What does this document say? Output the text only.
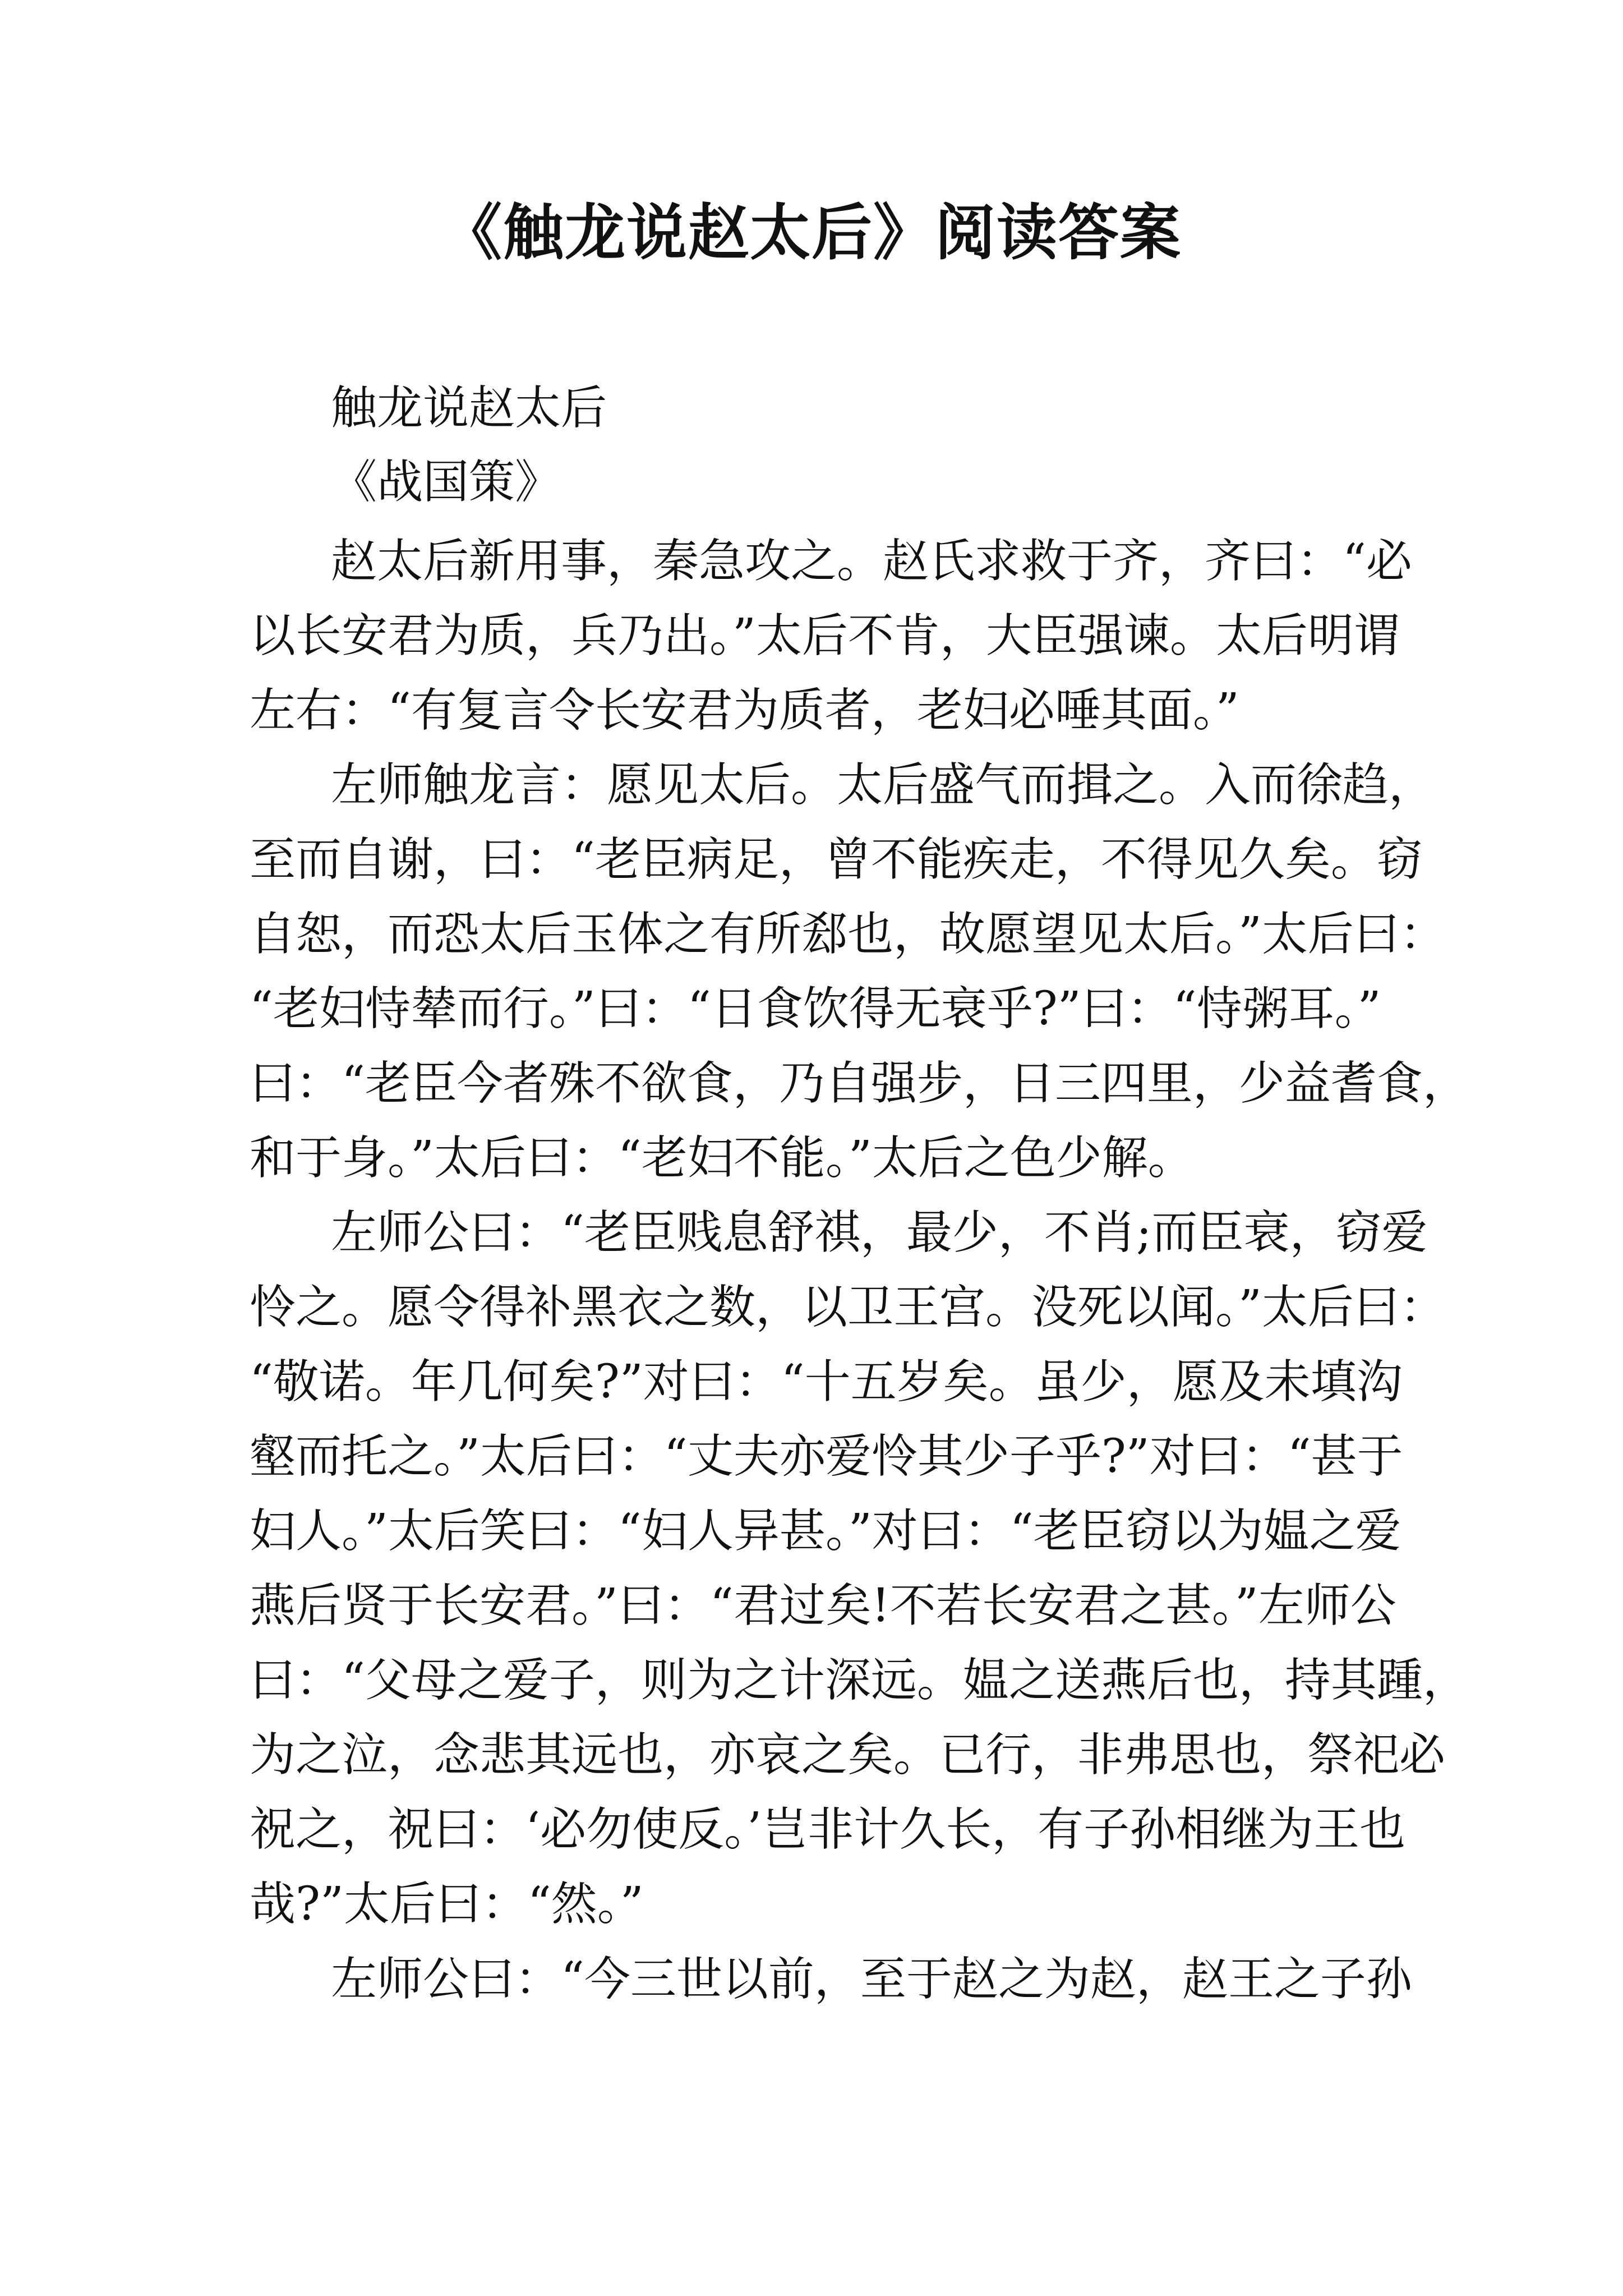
《触龙说赵太后》阅读答案

触龙说赵太后

《战国策》

赵太后新用事，秦急攻之。赵氏求救于齐，齐曰：“必
以长安君为质，兵乃出。”太后不肯，大臣强谏。太后明谓
左右：“有复言令长安君为质者，老妇必唾其面。”
左师触龙言：愿见太后。太后盛气而揖之。入而徐趋，
至而自谢，曰：“老臣病足，曾不能疾走，不得见久矣。窃
自恕，而恐太后玉体之有所郄也，故愿望见太后。”太后曰：
“老妇恃辇而行。”曰：“日食饮得无衰乎?”曰：“恃粥耳。”
曰：“老臣今者殊不欲食，乃自强步，日三四里，少益耆食，
和于身。”太后曰：“老妇不能。”太后之色少解。
左师公曰：“老臣贱息舒祺，最少，不肖;而臣衰，窃爱
怜之。愿令得补黑衣之数，以卫王宫。没死以闻。”太后曰：
“敬诺。年几何矣?”对曰：“十五岁矣。虽少，愿及未填沟
壑而托之。”太后曰：“丈夫亦爱怜其少子乎?”对曰：“甚于
妇人。”太后笑曰：“妇人异甚。”对曰：“老臣窃以为媪之爱
燕后贤于长安君。”曰：“君过矣!不若长安君之甚。”左师公
曰：“父母之爱子，则为之计深远。媪之送燕后也，持其踵，
为之泣，念悲其远也，亦哀之矣。已行，非弗思也，祭祀必
祝之，祝曰：‘必勿使反。’岂非计久长，有子孙相继为王也
哉?”太后曰：“然。”
左师公曰：“今三世以前，至于赵之为赵，赵王之子孙
